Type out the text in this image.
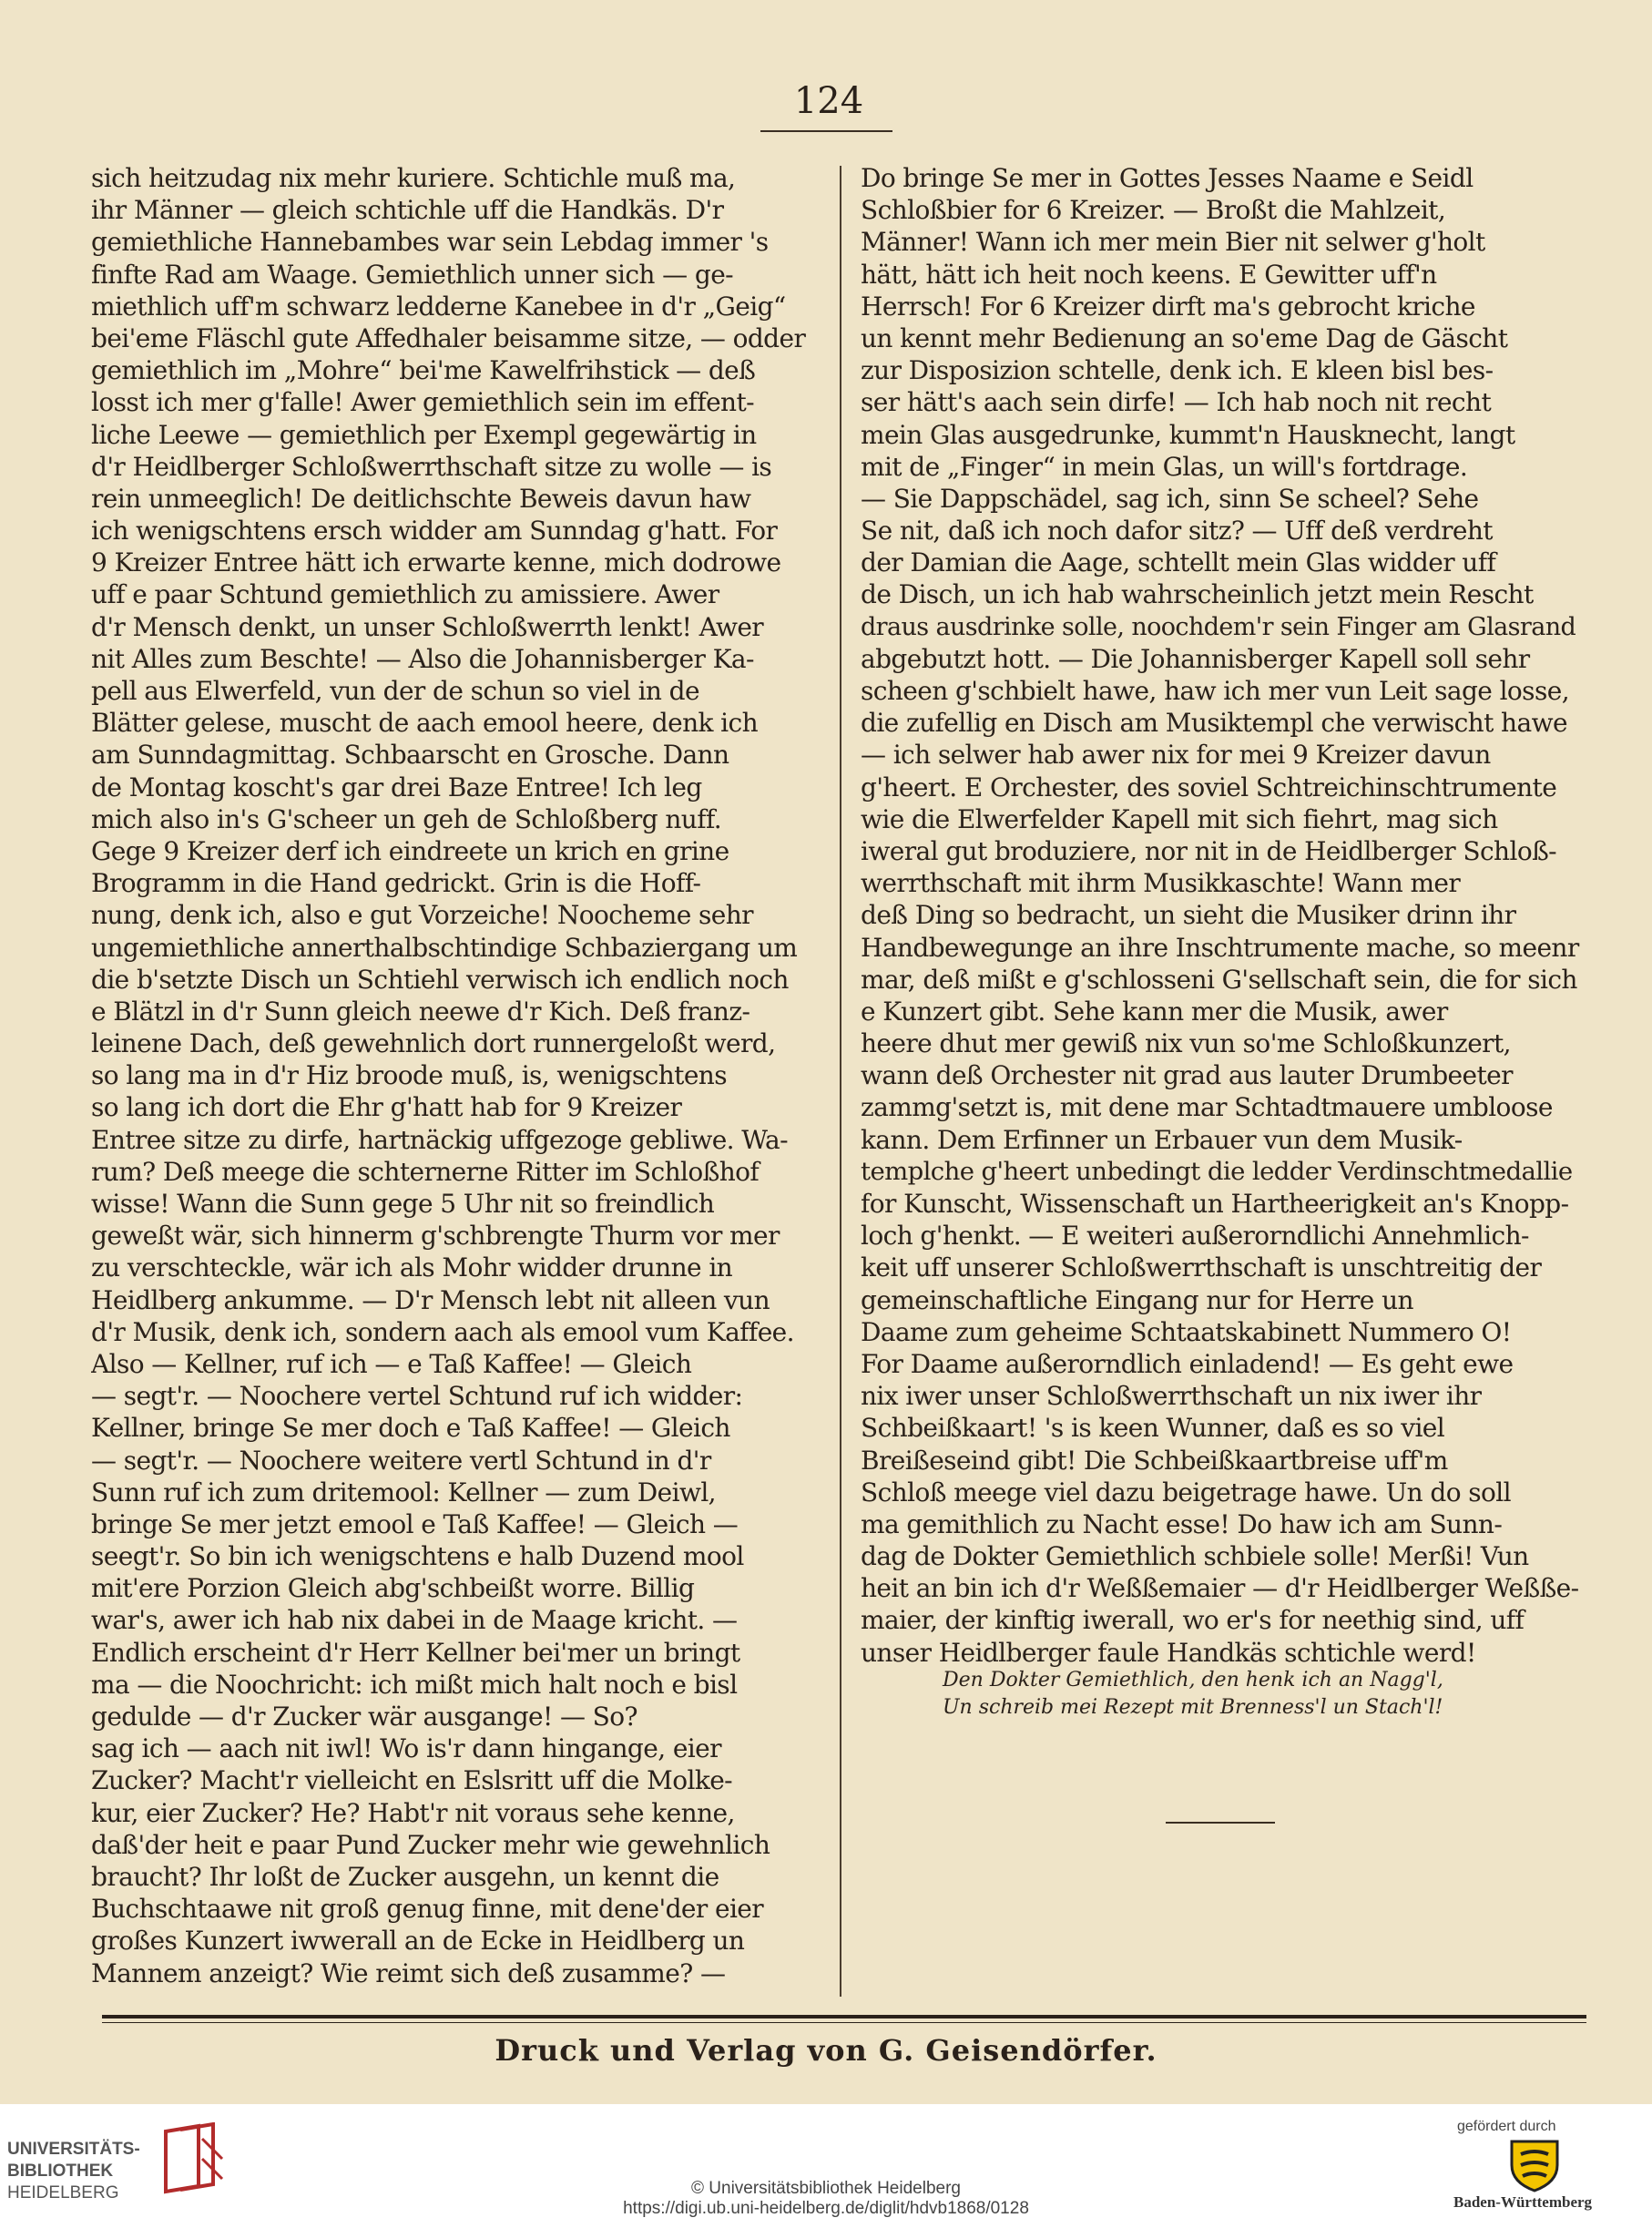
124
sich heitzudag nix mehr kuriere. Schtichle muß ma,
ihr Männer — gleich schtichle uff die Handkäs. D'r
gemiethliche Hannebambes war sein Lebdag immer 's
finfte Rad am Waage. Gemiethlich unner sich — ge-
miethlich uff'm schwarz ledderne Kanebee in d'r „Geig“
bei'eme Fläschl gute Affedhaler beisamme sitze, — odder
gemiethlich im „Mohre“ bei'me Kawelfrihstick — deß
losst ich mer g'falle! Awer gemiethlich sein im effent-
liche Leewe — gemiethlich per Exempl gegewärtig in
d'r Heidlberger Schloßwerrthschaft sitze zu wolle — is
rein unmeeglich! De deitlichschte Beweis davun haw
ich wenigschtens ersch widder am Sunndag g'hatt. For
9 Kreizer Entree hätt ich erwarte kenne, mich dodrowe
uff e paar Schtund gemiethlich zu amissiere. Awer
d'r Mensch denkt, un unser Schloßwerrth lenkt! Awer
nit Alles zum Beschte! — Also die Johannisberger Ka-
pell aus Elwerfeld, vun der de schun so viel in de
Blätter gelese, muscht de aach emool heere, denk ich
am Sunndagmittag. Schbaarscht en Grosche. Dann
de Montag koscht's gar drei Baze Entree! Ich leg
mich also in's G'scheer un geh de Schloßberg nuff.
Gege 9 Kreizer derf ich eindreete un krich en grine
Brogramm in die Hand gedrickt. Grin is die Hoff-
nung, denk ich, also e gut Vorzeiche! Noocheme sehr
ungemiethliche annerthalbschtindige Schbaziergang um
die b'setzte Disch un Schtiehl verwisch ich endlich noch
e Blätzl in d'r Sunn gleich neewe d'r Kich. Deß franz-
leinene Dach, deß gewehnlich dort runnergeloßt werd,
so lang ma in d'r Hiz broode muß, is, wenigschtens
so lang ich dort die Ehr g'hatt hab for 9 Kreizer
Entree sitze zu dirfe, hartnäckig uffgezoge gebliwe. Wa-
rum? Deß meege die schternerne Ritter im Schloßhof
wisse! Wann die Sunn gege 5 Uhr nit so freindlich
geweßt wär, sich hinnerm g'schbrengte Thurm vor mer
zu verschteckle, wär ich als Mohr widder drunne in
Heidlberg ankumme. — D'r Mensch lebt nit alleen vun
d'r Musik, denk ich, sondern aach als emool vum Kaffee.
Also — Kellner, ruf ich — e Taß Kaffee! — Gleich
— segt'r. — Noochere vertel Schtund ruf ich widder:
Kellner, bringe Se mer doch e Taß Kaffee! — Gleich
— segt'r. — Noochere weitere vertl Schtund in d'r
Sunn ruf ich zum dritemool: Kellner — zum Deiwl,
bringe Se mer jetzt emool e Taß Kaffee! — Gleich —
seegt'r. So bin ich wenigschtens e halb Duzend mool
mit'ere Porzion Gleich abg'schbeißt worre. Billig
war's, awer ich hab nix dabei in de Maage kricht. —
Endlich erscheint d'r Herr Kellner bei'mer un bringt
ma — die Noochricht: ich mißt mich halt noch e bisl
gedulde — d'r Zucker wär ausgange! — So?
sag ich — aach nit iwl! Wo is'r dann hingange, eier
Zucker? Macht'r vielleicht en Eslsritt uff die Molke-
kur, eier Zucker? He? Habt'r nit voraus sehe kenne,
daß'der heit e paar Pund Zucker mehr wie gewehnlich
braucht? Ihr loßt de Zucker ausgehn, un kennt die
Buchschtaawe nit groß genug finne, mit dene'der eier
großes Kunzert iwwerall an de Ecke in Heidlberg un
Mannem anzeigt? Wie reimt sich deß zusamme? —
Do bringe Se mer in Gottes Jesses Naame e Seidl
Schloßbier for 6 Kreizer. — Broßt die Mahlzeit,
Männer! Wann ich mer mein Bier nit selwer g'holt
hätt, hätt ich heit noch keens. E Gewitter uff'n
Herrsch! For 6 Kreizer dirft ma's gebrocht kriche
un kennt mehr Bedienung an so'eme Dag de Gäscht
zur Disposizion schtelle, denk ich. E kleen bisl bes-
ser hätt's aach sein dirfe! — Ich hab noch nit recht
mein Glas ausgedrunke, kummt'n Hausknecht, langt
mit de „Finger“ in mein Glas, un will's fortdrage.
— Sie Dappschädel, sag ich, sinn Se scheel? Sehe
Se nit, daß ich noch dafor sitz? — Uff deß verdreht
der Damian die Aage, schtellt mein Glas widder uff
de Disch, un ich hab wahrscheinlich jetzt mein Rescht
draus ausdrinke solle, noochdem'r sein Finger am Glasrand
abgebutzt hott. — Die Johannisberger Kapell soll sehr
scheen g'schbielt hawe, haw ich mer vun Leit sage losse,
die zufellig en Disch am Musiktempl che verwischt hawe
— ich selwer hab awer nix for mei 9 Kreizer davun
g'heert. E Orchester, des soviel Schtreichinschtrumente
wie die Elwerfelder Kapell mit sich fiehrt, mag sich
iweral gut broduziere, nor nit in de Heidlberger Schloß-
werrthschaft mit ihrm Musikkaschte! Wann mer
deß Ding so bedracht, un sieht die Musiker drinn ihr
Handbewegunge an ihre Inschtrumente mache, so meenr
mar, deß mißt e g'schlosseni G'sellschaft sein, die for sich
e Kunzert gibt. Sehe kann mer die Musik, awer
heere dhut mer gewiß nix vun so'me Schloßkunzert,
wann deß Orchester nit grad aus lauter Drumbeeter
zammg'setzt is, mit dene mar Schtadtmauere umbloose
kann. Dem Erfinner un Erbauer vun dem Musik-
templche g'heert unbedingt die ledder Verdinschtmedallie
for Kunscht, Wissenschaft un Hartheerigkeit an's Knopp-
loch g'henkt. — E weiteri außerorndlichi Annehmlich-
keit uff unserer Schloßwerrthschaft is unschtreitig der
gemeinschaftliche Eingang nur for Herre un
Daame zum geheime Schtaatskabinett Nummero O!
For Daame außerorndlich einladend! — Es geht ewe
nix iwer unser Schloßwerrthschaft un nix iwer ihr
Schbeißkaart! 's is keen Wunner, daß es so viel
Breißeseind gibt! Die Schbeißkaartbreise uff'm
Schloß meege viel dazu beigetrage hawe. Un do soll
ma gemithlich zu Nacht esse! Do haw ich am Sunn-
dag de Dokter Gemiethlich schbiele solle! Merßi! Vun
heit an bin ich d'r Weßßemaier — d'r Heidlberger Weßße-
maier, der kinftig iwerall, wo er's for neethig sind, uff
unser Heidlberger faule Handkäs schtichle werd!
Den Dokter Gemiethlich, den henk ich an Nagg'l,
Un schreib mei Rezept mit Brenness'l un Stach'l!
Druck und Verlag von G. Geisendörfer.
UNIVERSITÄTS-
BIBLIOTHEK
HEIDELBERG	© Universitätsbibliothek Heidelberg
https://digi.ub.uni-heidelberg.de/diglit/hdvb1868/0128
gefördert durch
Baden-Württemberg
